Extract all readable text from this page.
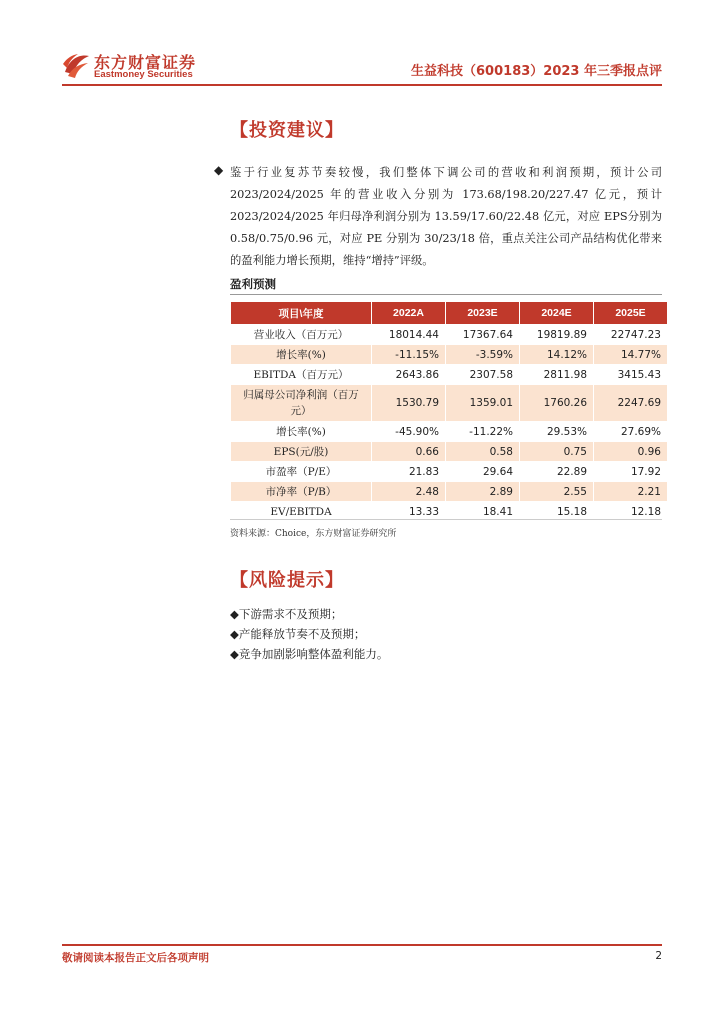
东方财富证券
Eastmoney Securities	生益科技（600183）2023 年三季报点评
【投资建议】
◆ 鉴于行业复苏节奏较慢，我们整体下调公司的营收和利润预期，预计公司2023/2024/2025 年的营业收入分别为 173.68/198.20/227.47 亿元，预计2023/2024/2025 年归母净利润分别为 13.59/17.60/22.48 亿元，对应 EPS分别为 0.58/0.75/0.96 元，对应 PE 分别为 30/23/18 倍，重点关注公司产品结构优化带来的盈利能力增长预期，维持“增持”评级。

盈利预测
项目\年度	2022A	2023E	2024E	2025E
营业收入（百万元）	18014.44	17367.64	19819.89	22747.23
增长率(%)	-11.15%	-3.59%	14.12%	14.77%
EBITDA（百万元）	2643.86	2307.58	2811.98	3415.43
归属母公司净利润（百万元）	1530.79	1359.01	1760.26	2247.69
增长率(%)	-45.90%	-11.22%	29.53%	27.69%
EPS(元/股)	0.66	0.58	0.75	0.96
市盈率（P/E）	21.83	29.64	22.89	17.92
市净率（P/B）	2.48	2.89	2.55	2.21
EV/EBITDA	13.33	18.41	15.18	12.18
资料来源：Choice，东方财富证券研究所
【风险提示】
◆下游需求不及预期；
◆产能释放节奏不及预期；
◆竞争加剧影响整体盈利能力。
敬请阅读本报告正文后各项声明	2
